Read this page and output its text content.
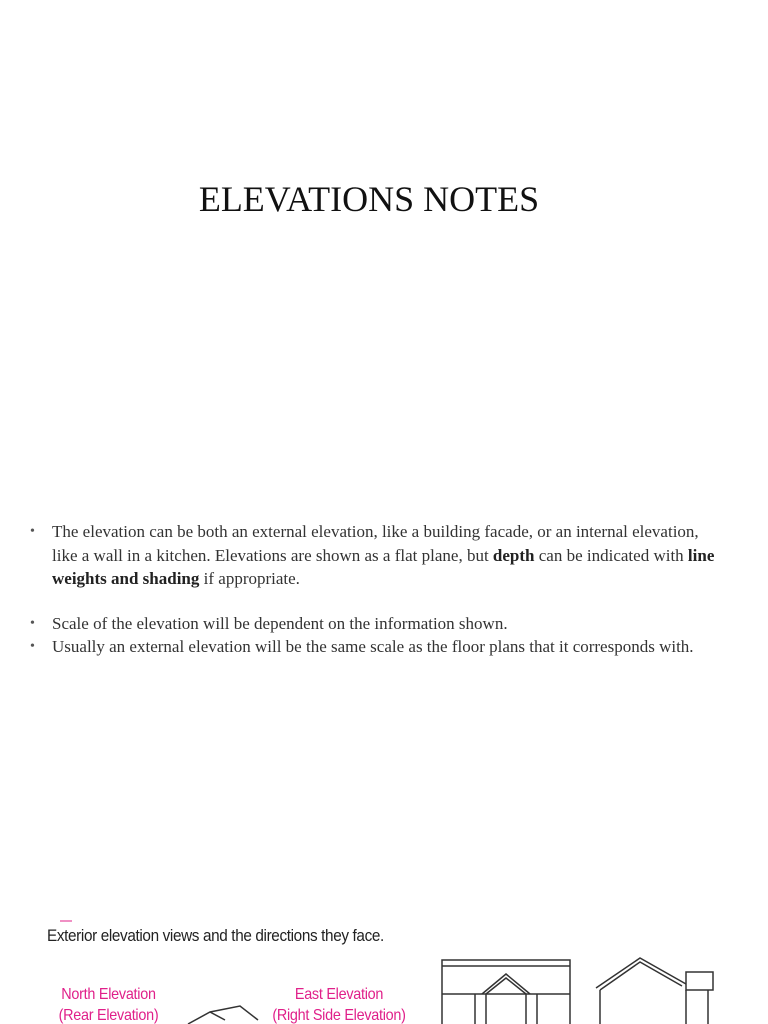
ELEVATIONS NOTES
• The elevation can be both an external elevation, like a building facade, or an internal elevation, like a wall in a kitchen. Elevations are shown as a flat plane, but depth can be indicated with line weights and shading if appropriate.
• Scale of the elevation will be dependent on the information shown.
• Usually an external elevation will be the same scale as the floor plans that it corresponds with.
Exterior elevation views and the directions they face.
North Elevation
(Rear Elevation)
East Elevation
(Right Side Elevation)
